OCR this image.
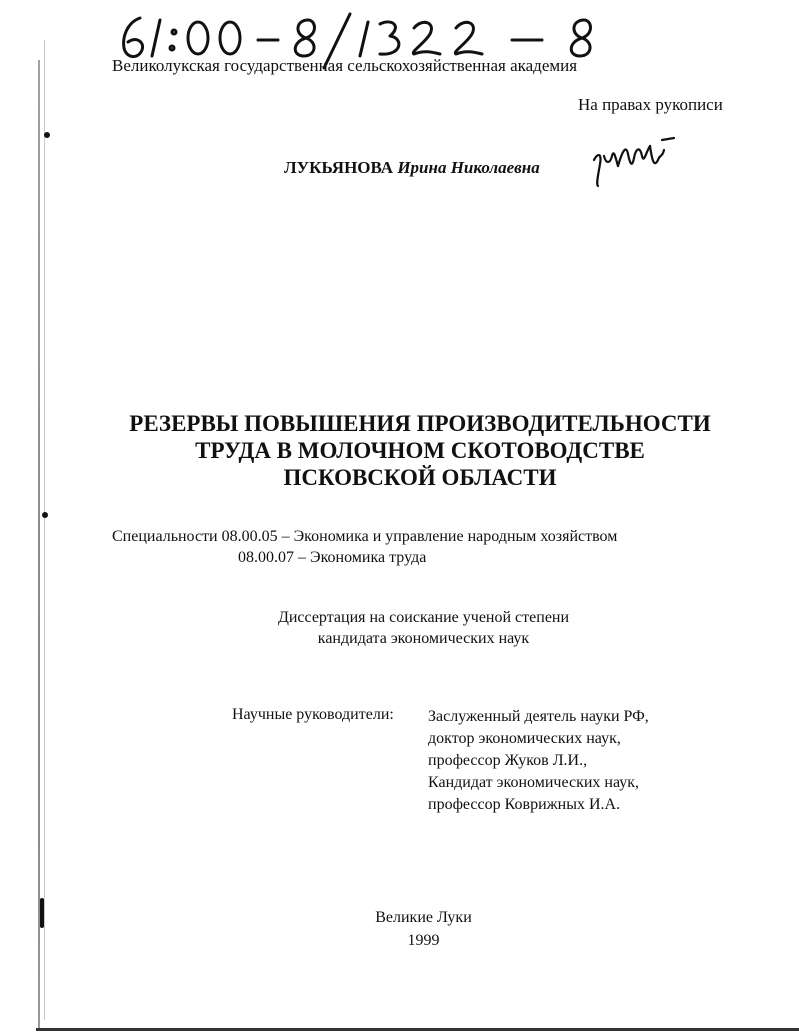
Великолукская государственная сельскохозяйственная академия
На правах рукописи
ЛУКЬЯНОВА Ирина Николаевна
РЕЗЕРВЫ ПОВЫШЕНИЯ ПРОИЗВОДИТЕЛЬНОСТИ
ТРУДА В МОЛОЧНОМ СКОТОВОДСТВЕ
ПСКОВСКОЙ ОБЛАСТИ
Специальности 08.00.05 – Экономика и управление народным хозяйством
08.00.07 – Экономика труда
Диссертация на соискание ученой степени
кандидата экономических наук
Научные руководители: Заслуженный деятель науки РФ,
доктор экономических наук,
профессор Жуков Л.И.,
Кандидат экономических наук,
профессор Коврижных И.А.
Великие Луки
1999
